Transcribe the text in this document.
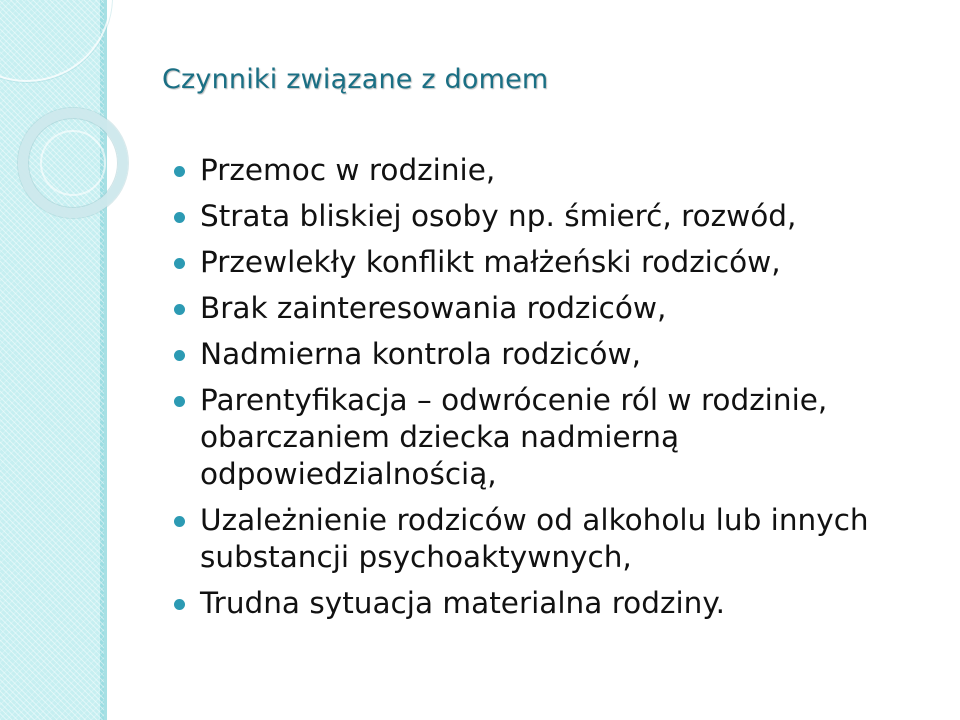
Czynniki związane z domem
Przemoc w rodzinie,
Strata bliskiej osoby np. śmierć, rozwód,
Przewlekły konflikt małżeński rodziców,
Brak zainteresowania rodziców,
Nadmierna kontrola rodziców,
Parentyfikacja – odwrócenie ról w rodzinie, obarczaniem dziecka nadmierną odpowiedzialnością,
Uzależnienie rodziców od alkoholu lub innych substancji psychoaktywnych,
Trudna sytuacja materialna rodziny.
